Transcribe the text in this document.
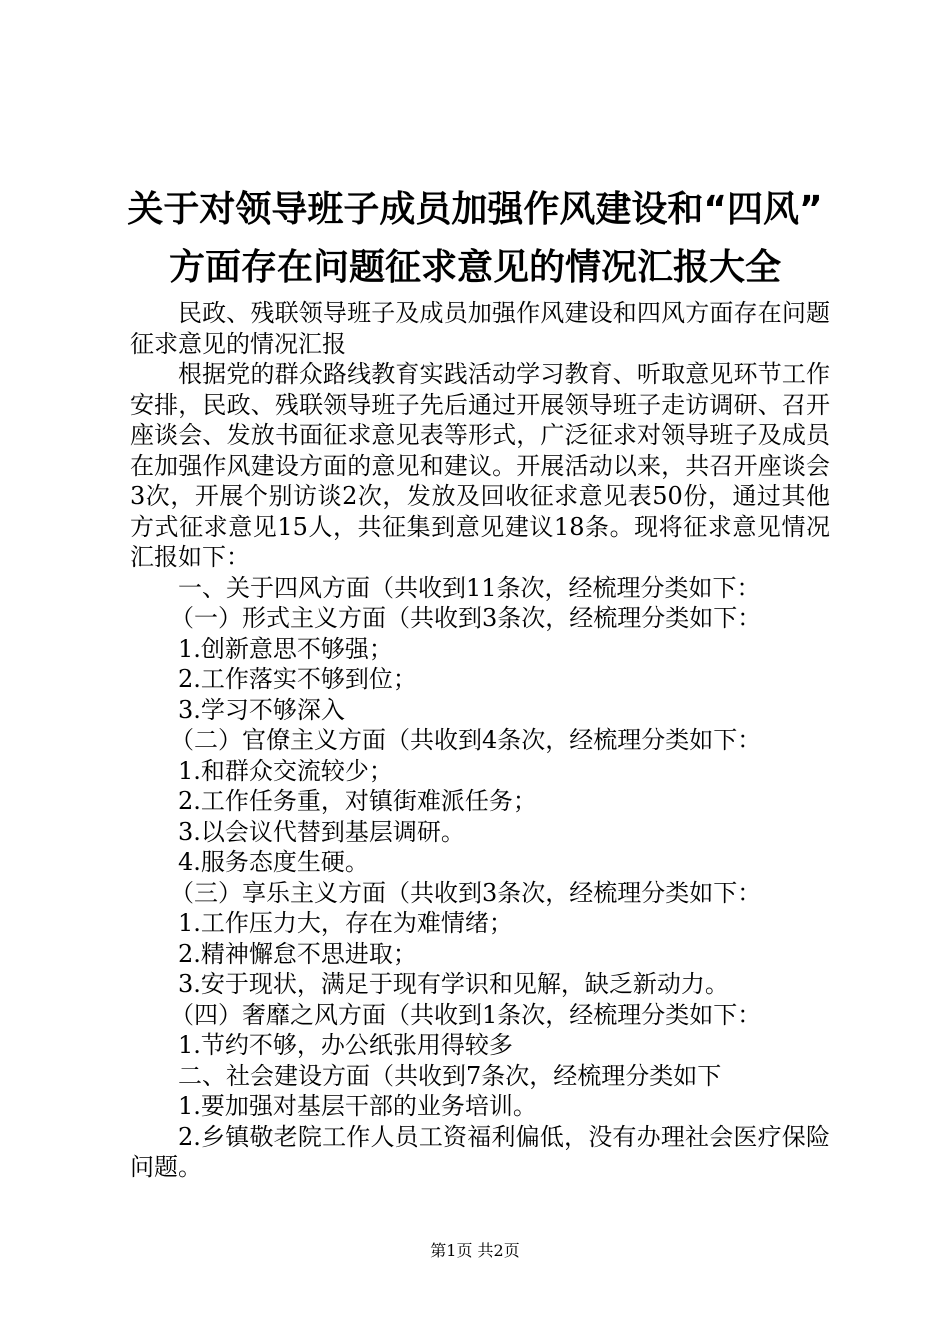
关于对领导班子成员加强作风建设和“四风”
方面存在问题征求意见的情况汇报大全

民政、残联领导班子及成员加强作风建设和四风方面存在问题征求意见的情况汇报

根据党的群众路线教育实践活动学习教育、听取意见环节工作安排，民政、残联领导班子先后通过开展领导班子走访调研、召开座谈会、发放书面征求意见表等形式，广泛征求对领导班子及成员在加强作风建设方面的意见和建议。开展活动以来，共召开座谈会3次，开展个别访谈2次，发放及回收征求意见表50份，通过其他方式征求意见15人，共征集到意见建议18条。现将征求意见情况汇报如下：

一、关于四风方面（共收到11条次，经梳理分类如下：

（一）形式主义方面（共收到3条次，经梳理分类如下：

1.创新意思不够强；

2.工作落实不够到位；

3.学习不够深入

（二）官僚主义方面（共收到4条次，经梳理分类如下：

1.和群众交流较少；

2.工作任务重，对镇街难派任务；

3.以会议代替到基层调研。

4.服务态度生硬。

（三）享乐主义方面（共收到3条次，经梳理分类如下：

1.工作压力大，存在为难情绪；

2.精神懈怠不思进取；

3.安于现状，满足于现有学识和见解，缺乏新动力。

（四）奢靡之风方面（共收到1条次，经梳理分类如下：

1.节约不够，办公纸张用得较多

二、社会建设方面（共收到7条次，经梳理分类如下

1.要加强对基层干部的业务培训。

2.乡镇敬老院工作人员工资福利偏低，没有办理社会医疗保险问题。

第1页 共2页
